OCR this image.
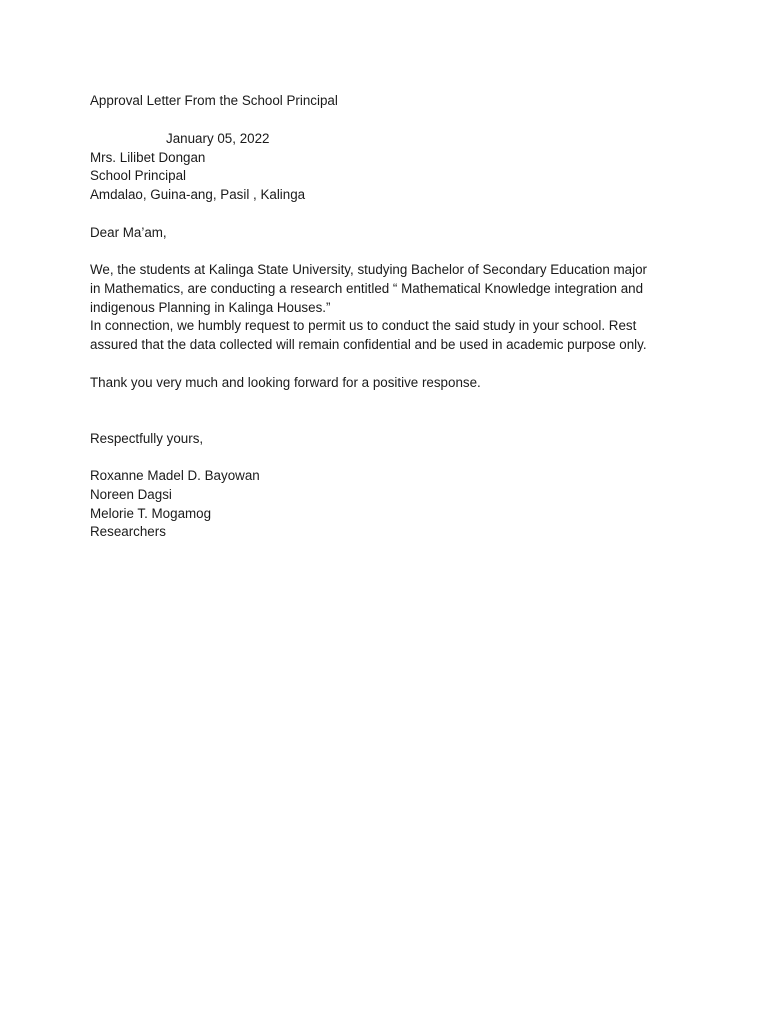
Approval Letter From the School Principal

January 05, 2022

Mrs. Lilibet Dongan

School Principal

Amdalao, Guina-ang, Pasil , Kalinga

Dear Ma’am,

We, the students at Kalinga State University, studying Bachelor of Secondary Education major

in Mathematics, are conducting a research entitled “ Mathematical Knowledge integration and

indigenous Planning in Kalinga Houses.”

In connection, we humbly request to permit us to conduct the said study in your school. Rest

assured that the data collected will remain confidential and be used in academic purpose only.

Thank you very much and looking forward for a positive response.

Respectfully yours,

Roxanne Madel D. Bayowan

Noreen Dagsi

Melorie T. Mogamog

Researchers
